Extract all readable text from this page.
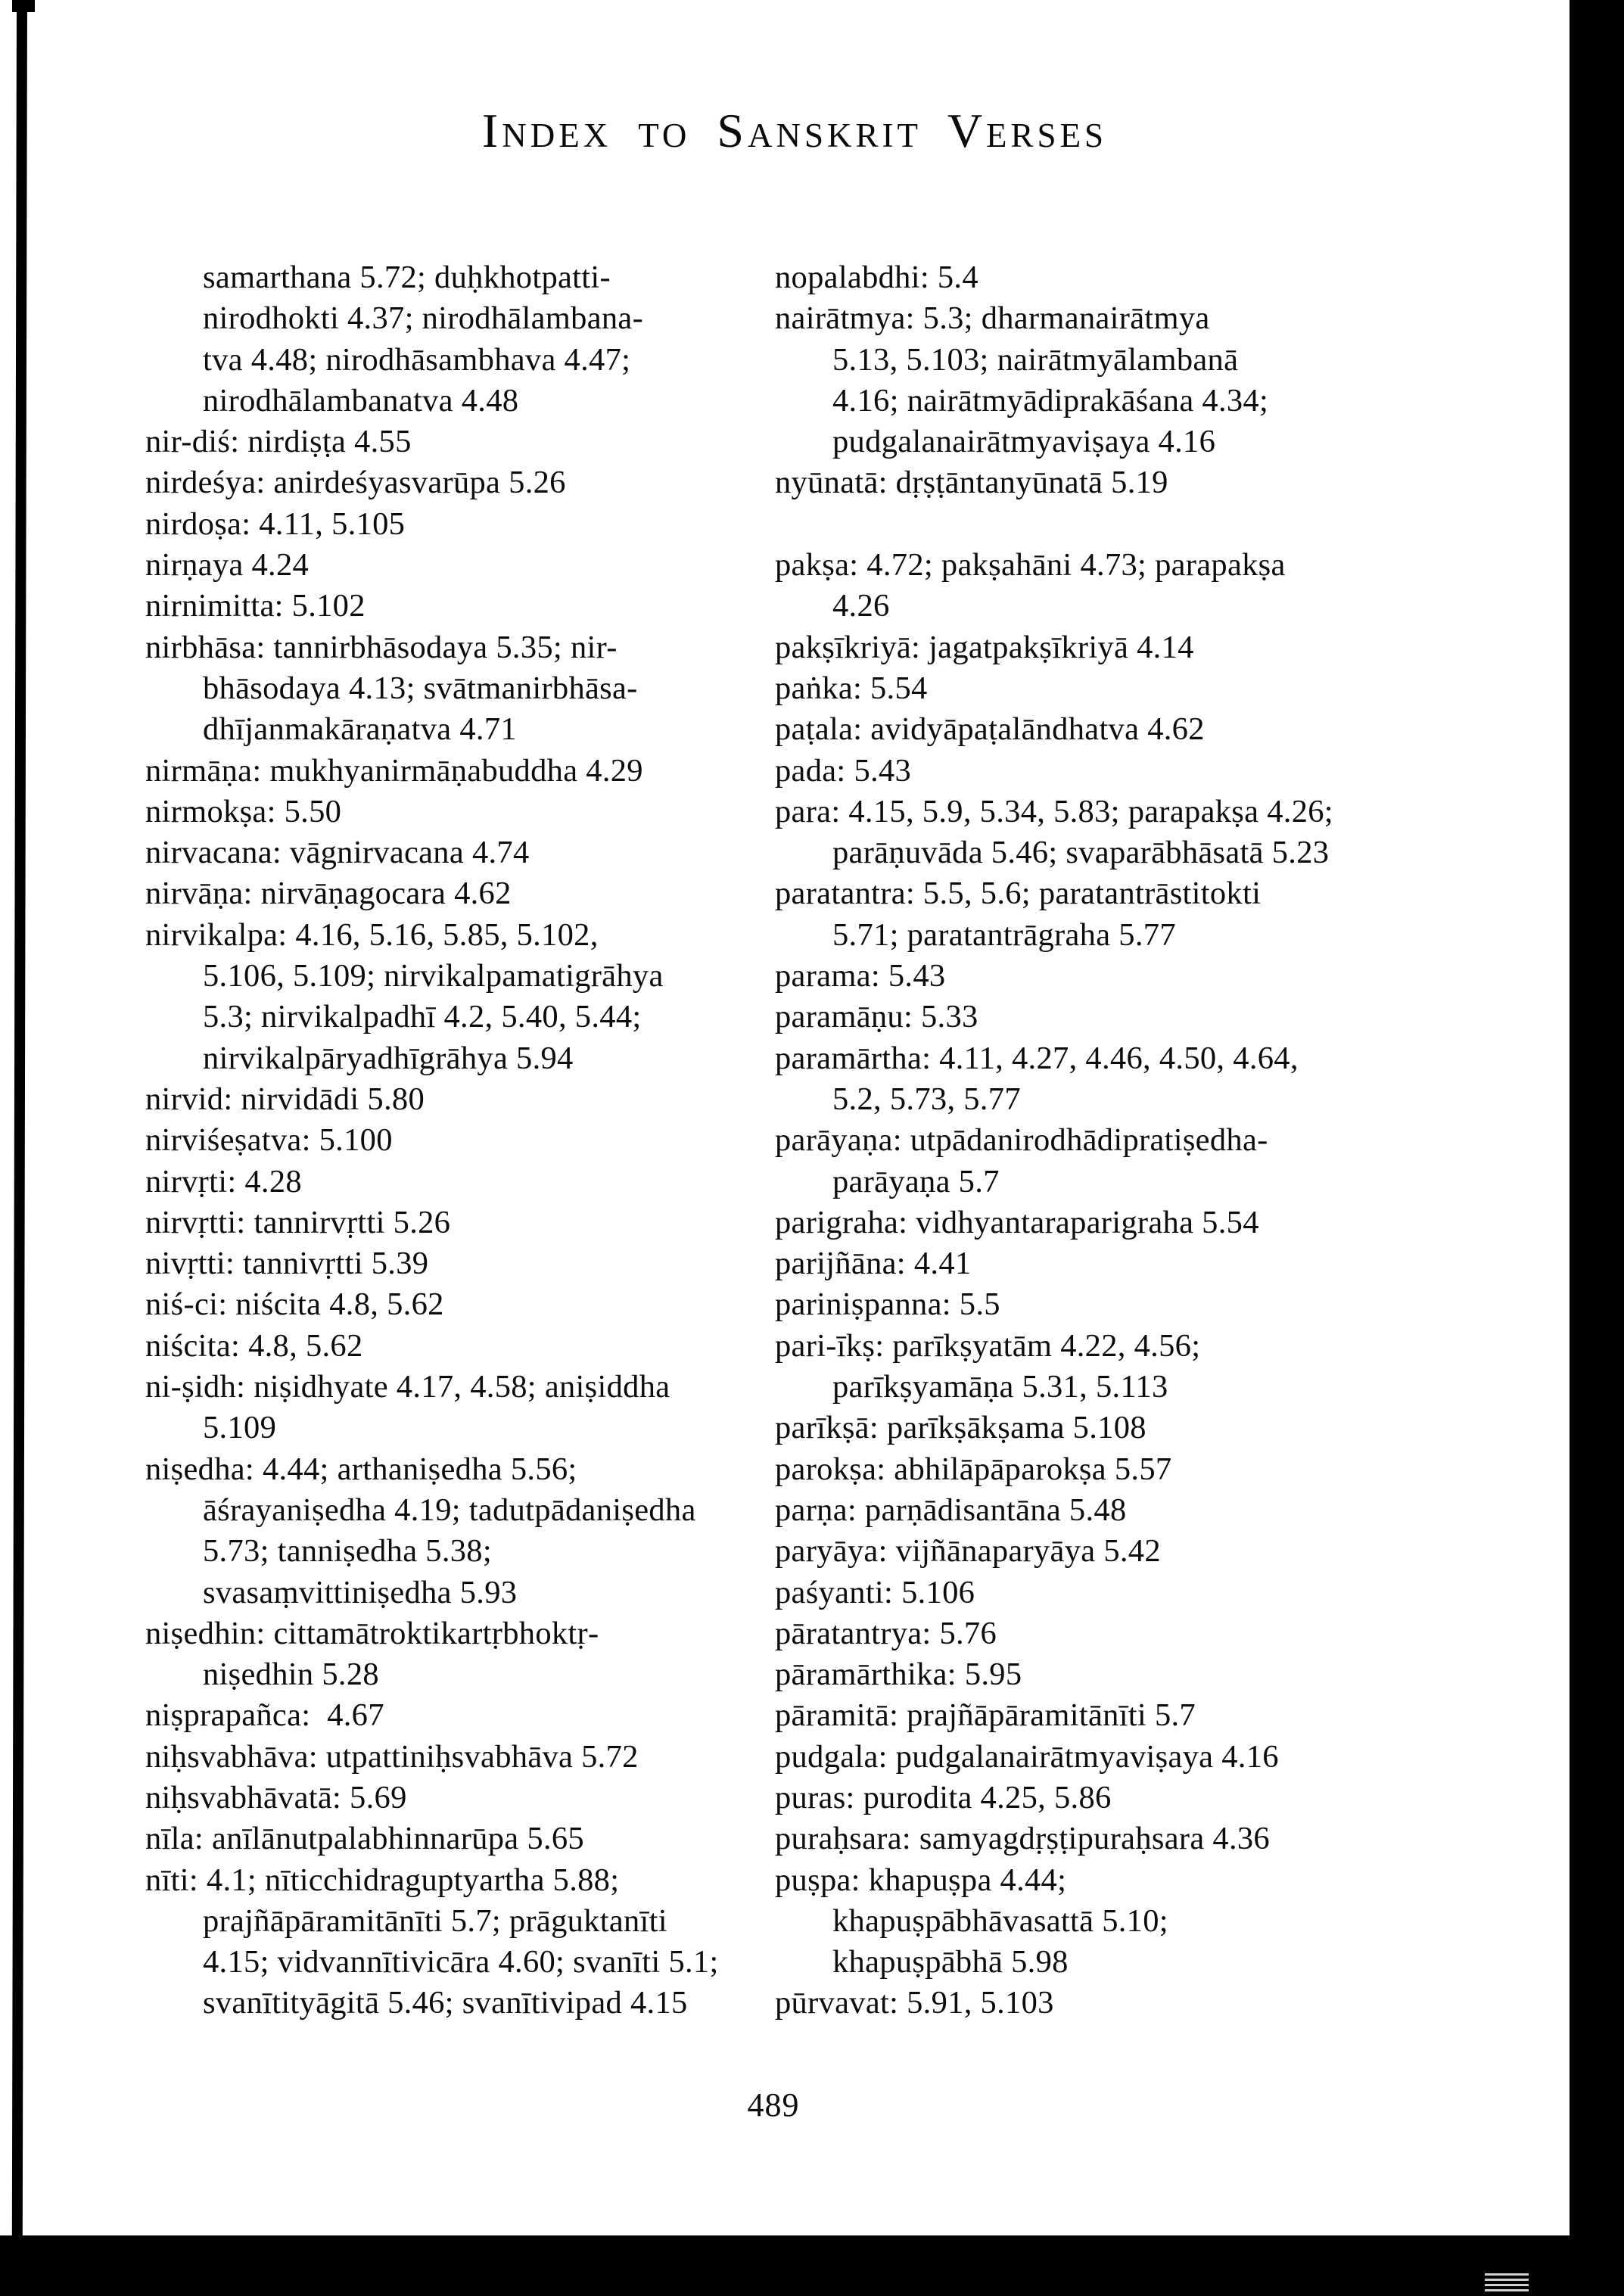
Index to Sanskrit Verses
samarthana 5.72; duḥkhotpatti-
nirodhokti 4.37; nirodhālambana-
tva 4.48; nirodhāsambhava 4.47;
nirodhālambanatva 4.48
nir-diś: nirdiṣṭa 4.55
nirdeśya: anirdeśyasvarūpa 5.26
nirdoṣa: 4.11, 5.105
nirṇaya 4.24
nirnimitta: 5.102
nirbhāsa: tannirbhāsodaya 5.35; nir-
bhāsodaya 4.13; svātmanirbhāsa-
dhījanmakāraṇatva 4.71
nirmāṇa: mukhyanirmāṇabuddha 4.29
nirmokṣa: 5.50
nirvacana: vāgnirvacana 4.74
nirvāṇa: nirvāṇagocara 4.62
nirvikalpa: 4.16, 5.16, 5.85, 5.102,
5.106, 5.109; nirvikalpamatigrāhya
5.3; nirvikalpadhī 4.2, 5.40, 5.44;
nirvikalpāryadhīgrāhya 5.94
nirvid: nirvidādi 5.80
nirviśeṣatva: 5.100
nirvṛti: 4.28
nirvṛtti: tannirvṛtti 5.26
nivṛtti: tannivṛtti 5.39
niś-ci: niścita 4.8, 5.62
niścita: 4.8, 5.62
ni-ṣidh: niṣidhyate 4.17, 4.58; aniṣiddha
5.109
niṣedha: 4.44; arthaniṣedha 5.56;
āśrayaniṣedha 4.19; tadutpādaniṣedha
5.73; tanniṣedha 5.38;
svasaṃvittiniṣedha 5.93
niṣedhin: cittamātroktikartṛbhoktṛ-
niṣedhin 5.28
niṣprapañca:  4.67
niḥsvabhāva: utpattiniḥsvabhāva 5.72
niḥsvabhāvatā: 5.69
nīla: anīlānutpalabhinnarūpa 5.65
nīti: 4.1; nīticchidraguptyartha 5.88;
prajñāpāramitānīti 5.7; prāguktanīti
4.15; vidvannītivicāra 4.60; svanīti 5.1;
svanītityāgitā 5.46; svanītivipad 4.15
nopalabdhi: 5.4
nairātmya: 5.3; dharmanairātmya
5.13, 5.103; nairātmyālambanā
4.16; nairātmyādiprakāśana 4.34;
pudgalanairātmyaviṣaya 4.16
nyūnatā: dṛṣṭāntanyūnatā 5.19

pakṣa: 4.72; pakṣahāni 4.73; parapakṣa
4.26
pakṣīkriyā: jagatpakṣīkriyā 4.14
paṅka: 5.54
paṭala: avidyāpaṭalāndhatva 4.62
pada: 5.43
para: 4.15, 5.9, 5.34, 5.83; parapakṣa 4.26;
parāṇuvāda 5.46; svaparābhāsatā 5.23
paratantra: 5.5, 5.6; paratantrāstitokti
5.71; paratantrāgraha 5.77
parama: 5.43
paramāṇu: 5.33
paramārtha: 4.11, 4.27, 4.46, 4.50, 4.64,
5.2, 5.73, 5.77
parāyaṇa: utpādanirodhādipratiṣedha-
parāyaṇa 5.7
parigraha: vidhyantaraparigraha 5.54
parijñāna: 4.41
pariniṣpanna: 5.5
pari-īkṣ: parīkṣyatām 4.22, 4.56;
parīkṣyamāṇa 5.31, 5.113
parīkṣā: parīkṣākṣama 5.108
parokṣa: abhilāpāparokṣa 5.57
parṇa: parṇādisantāna 5.48
paryāya: vijñānaparyāya 5.42
paśyanti: 5.106
pāratantrya: 5.76
pāramārthika: 5.95
pāramitā: prajñāpāramitānīti 5.7
pudgala: pudgalanairātmyaviṣaya 4.16
puras: purodita 4.25, 5.86
puraḥsara: samyagdṛṣṭipuraḥsara 4.36
puṣpa: khapuṣpa 4.44;
khapuṣpābhāvasattā 5.10;
khapuṣpābhā 5.98
pūrvavat: 5.91, 5.103
489
